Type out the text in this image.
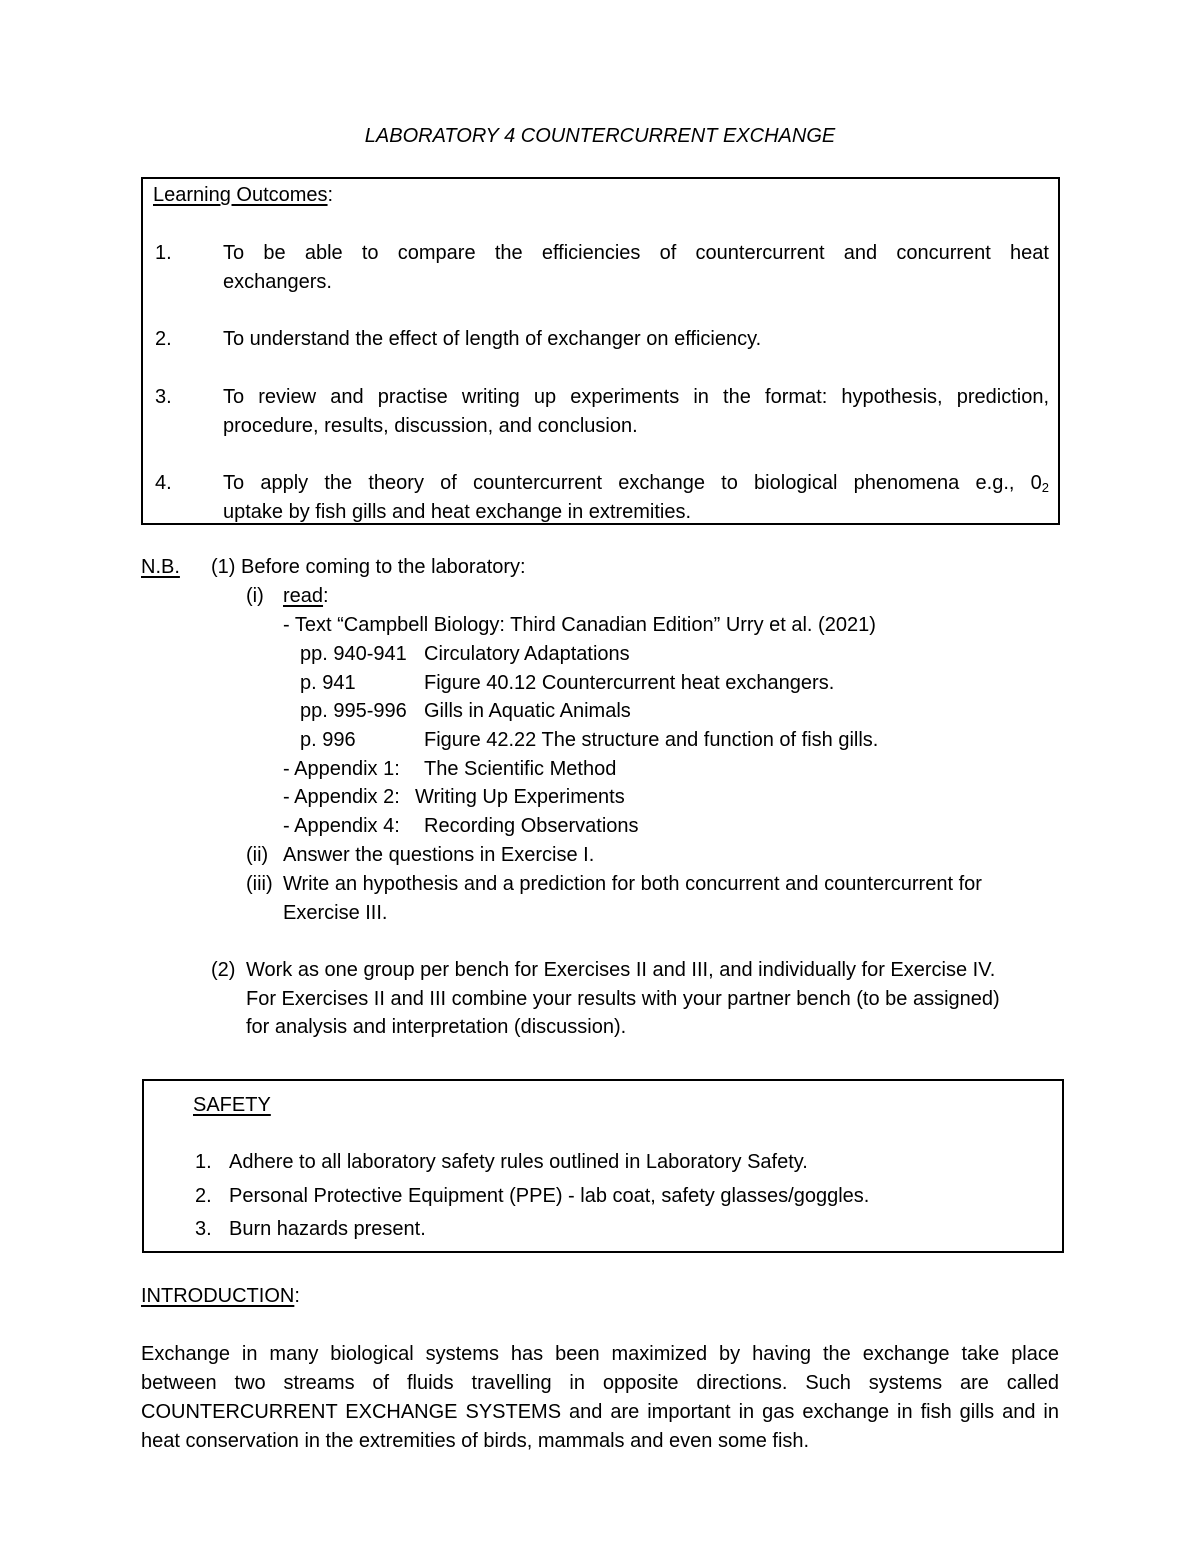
LABORATORY 4 COUNTERCURRENT EXCHANGE
Learning Outcomes:
1.	To be able to compare the efficiencies of countercurrent and concurrent heat
exchangers.
2.	To understand the effect of length of exchanger on efficiency.
3.	To review and practise writing up experiments in the format: hypothesis, prediction,
procedure, results, discussion, and conclusion.
4.	To apply the theory of countercurrent exchange to biological phenomena e.g., $0_2$
uptake by fish gills and heat exchange in extremities.
N.B. (1) Before coming to the laboratory:
(i) read:
- Text “Campbell Biology: Third Canadian Edition” Urry et al. (2021)
pp. 940-941 Circulatory Adaptations
p. 941	Figure 40.12 Countercurrent heat exchangers.
pp. 995-996 Gills in Aquatic Animals
p. 996	Figure 42.22 The structure and function of fish gills.
- Appendix 1: The Scientific Method
- Appendix 2: Writing Up Experiments
- Appendix 4: Recording Observations
(ii) Answer the questions in Exercise I.
(iii) Write an hypothesis and a prediction for both concurrent and countercurrent for
Exercise III.
(2) Work as one group per bench for Exercises II and III, and individually for Exercise IV.
For Exercises II and III combine your results with your partner bench (to be assigned)
for analysis and interpretation (discussion).
SAFETY
1. Adhere to all laboratory safety rules outlined in Laboratory Safety.
2. Personal Protective Equipment (PPE) - lab coat, safety glasses/goggles.
3. Burn hazards present.
INTRODUCTION:
Exchange in many biological systems has been maximized by having the exchange take place
between two streams of fluids travelling in opposite directions. Such systems are called
COUNTERCURRENT EXCHANGE SYSTEMS and are important in gas exchange in fish gills and in
heat conservation in the extremities of birds, mammals and even some fish.
